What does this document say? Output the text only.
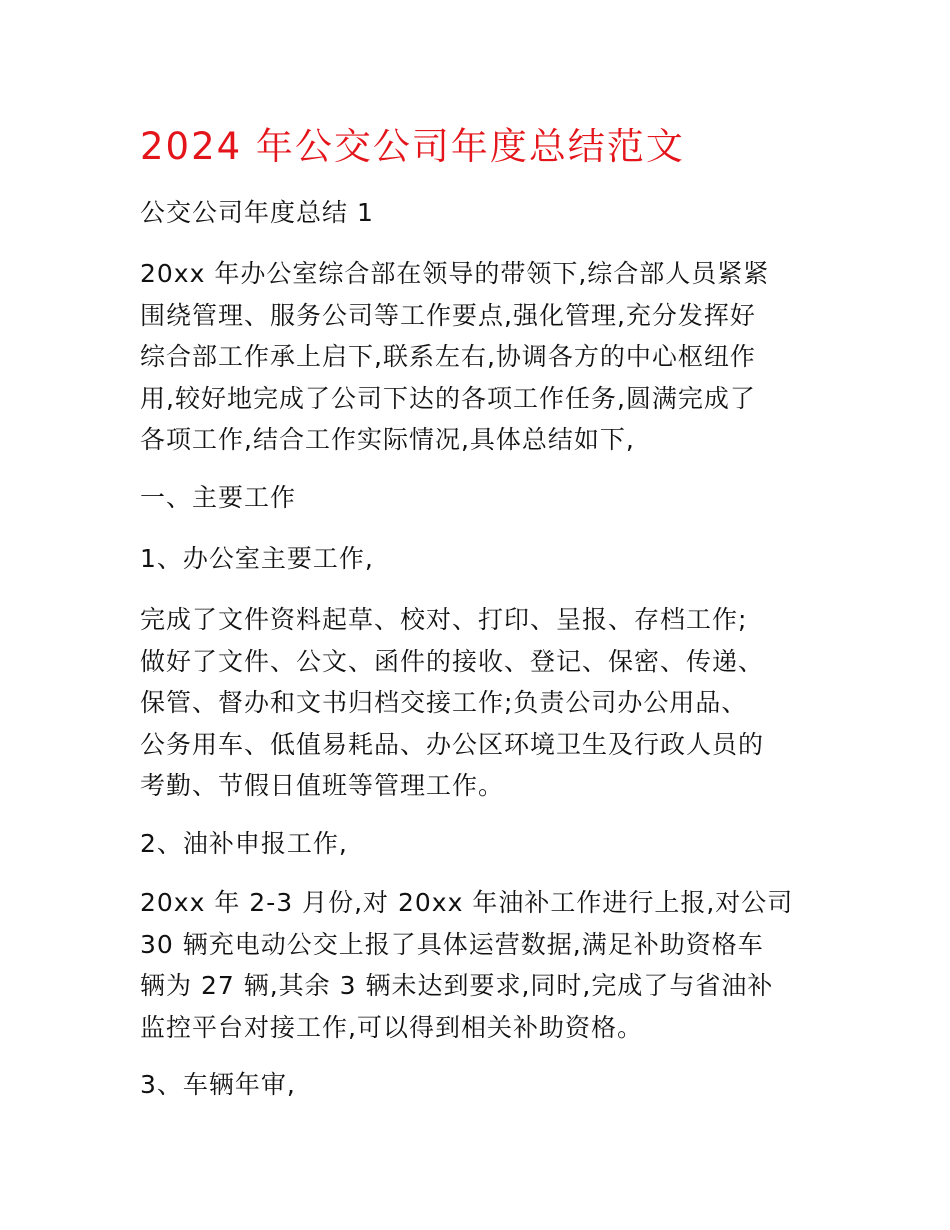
2024 年公交公司年度总结范文

公交公司年度总结 1

20xx 年办公室综合部在领导的带领下,综合部人员紧紧
围绕管理、服务公司等工作要点,强化管理,充分发挥好
综合部工作承上启下,联系左右,协调各方的中心枢纽作
用,较好地完成了公司下达的各项工作任务,圆满完成了
各项工作,结合工作实际情况,具体总结如下,

一、主要工作

1、办公室主要工作,

完成了文件资料起草、校对、打印、呈报、存档工作;
做好了文件、公文、函件的接收、登记、保密、传递、
保管、督办和文书归档交接工作;负责公司办公用品、
公务用车、低值易耗品、办公区环境卫生及行政人员的
考勤、节假日值班等管理工作。

2、油补申报工作,

20xx 年 2-3 月份,对 20xx 年油补工作进行上报,对公司
30 辆充电动公交上报了具体运营数据,满足补助资格车
辆为 27 辆,其余 3 辆未达到要求,同时,完成了与省油补
监控平台对接工作,可以得到相关补助资格。

3、车辆年审,
